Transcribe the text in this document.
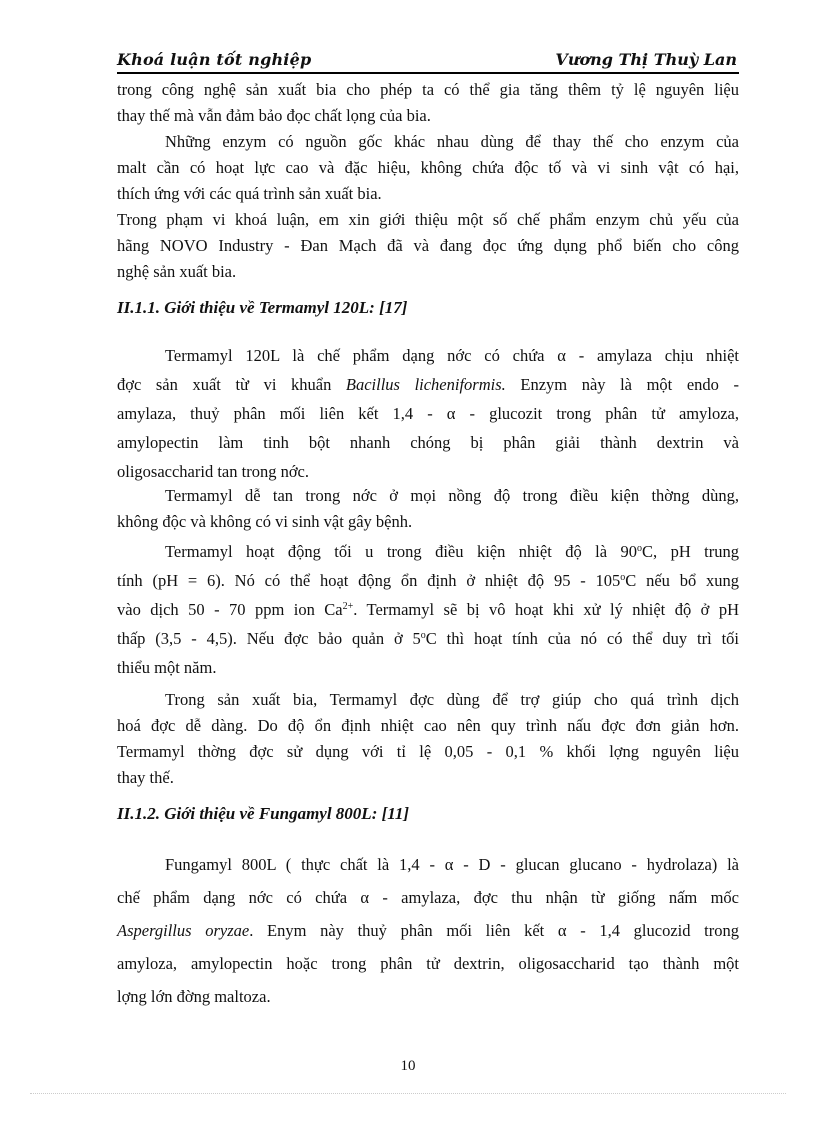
Khoá luận tốt nghiệp	Vương Thị Thuỳ Lan
trong công nghệ sản xuất bia cho phép ta có thể gia tăng thêm tỷ lệ nguyên liệu
thay thế mà vẫn đảm bảo đọc chất lọng của bia.
Những enzym có nguồn gốc khác nhau dùng để thay thế cho enzym của
malt cần có hoạt lực cao và đặc hiệu, không chứa độc tố và vi sinh vật có hại,
thích ứng với các quá trình sản xuất bia.
Trong phạm vi khoá luận, em xin giới thiệu một số chế phẩm enzym chủ yếu của
hãng NOVO Industry - Đan Mạch đã và đang đọc ứng dụng phổ biến cho công
nghệ sản xuất bia.
II.1.1. Giới thiệu về Termamyl 120L: [17]
Termamyl 120L là chế phẩm dạng nớc có chứa α - amylaza chịu nhiệt
đợc sản xuất từ vi khuẩn Bacillus licheniformis. Enzym này là một endo -
amylaza, thuỷ phân mối liên kết 1,4 - α - glucozit trong phân tử amyloza,
amylopectin làm tinh bột nhanh chóng bị phân giải thành dextrin và
oligosaccharid tan trong nớc.
Termamyl dễ tan trong nớc ở mọi nồng độ trong điều kiện thờng dùng,
không độc và không có vi sinh vật gây bệnh.
Termamyl hoạt động tối u trong điều kiện nhiệt độ là 90$^o$C, pH trung
tính (pH = 6). Nó có thể hoạt động ổn định ở nhiệt độ 95 - 105$^o$C nếu bổ xung
vào dịch 50 - 70 ppm ion $Ca^{2+}$. Termamyl sẽ bị vô hoạt khi xử lý nhiệt độ ở pH
thấp (3,5 - 4,5). Nếu đợc bảo quản ở 5$^o$C thì hoạt tính của nó có thể duy trì tối
thiểu một năm.
Trong sản xuất bia, Termamyl đợc dùng để trợ giúp cho quá trình dịch
hoá đợc dễ dàng. Do độ ổn định nhiệt cao nên quy trình nấu đợc đơn giản hơn.
Termamyl thờng đợc sử dụng với tỉ lệ 0,05 - 0,1 % khối lợng nguyên liệu
thay thế.
II.1.2. Giới thiệu về Fungamyl 800L: [11]
Fungamyl 800L ( thực chất là 1,4 - α - D - glucan glucano - hydrolaza) là
chế phẩm dạng nớc có chứa α - amylaza, đợc thu nhận từ giống nấm mốc
Aspergillus oryzae. Enym này thuỷ phân mối liên kết α - 1,4 glucozid trong
amyloza, amylopectin hoặc trong phân tử dextrin, oligosaccharid tạo thành một
lợng lớn đờng maltoza.
10
